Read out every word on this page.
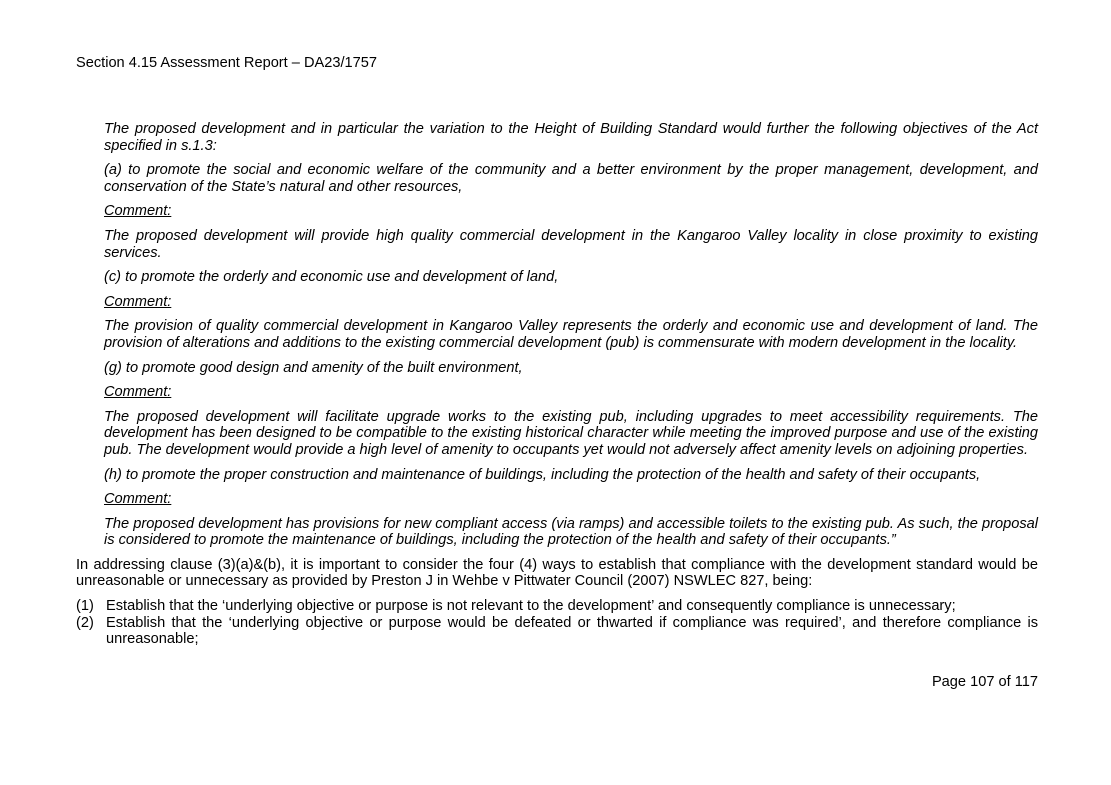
Section 4.15 Assessment Report – DA23/1757

The proposed development and in particular the variation to the Height of Building Standard would further the following objectives of the Act specified in s.1.3:

(a) to promote the social and economic welfare of the community and a better environment by the proper management, development, and conservation of the State’s natural and other resources,

Comment:

The proposed development will provide high quality commercial development in the Kangaroo Valley locality in close proximity to existing services.

(c) to promote the orderly and economic use and development of land,

Comment:

The provision of quality commercial development in Kangaroo Valley represents the orderly and economic use and development of land. The provision of alterations and additions to the existing commercial development (pub) is commensurate with modern development in the locality.

(g) to promote good design and amenity of the built environment,

Comment:

The proposed development will facilitate upgrade works to the existing pub, including upgrades to meet accessibility requirements. The development has been designed to be compatible to the existing historical character while meeting the improved purpose and use of the existing pub. The development would provide a high level of amenity to occupants yet would not adversely affect amenity levels on adjoining properties.

(h) to promote the proper construction and maintenance of buildings, including the protection of the health and safety of their occupants,

Comment:

The proposed development has provisions for new compliant access (via ramps) and accessible toilets to the existing pub. As such, the proposal is considered to promote the maintenance of buildings, including the protection of the health and safety of their occupants.”

In addressing clause (3)(a)&(b), it is important to consider the four (4) ways to establish that compliance with the development standard would be unreasonable or unnecessary as provided by Preston J in Wehbe v Pittwater Council (2007) NSWLEC 827, being:

(1) Establish that the ‘underlying objective or purpose is not relevant to the development’ and consequently compliance is unnecessary;
(2) Establish that the ‘underlying objective or purpose would be defeated or thwarted if compliance was required’, and therefore compliance is unreasonable;
Page 107 of 117
